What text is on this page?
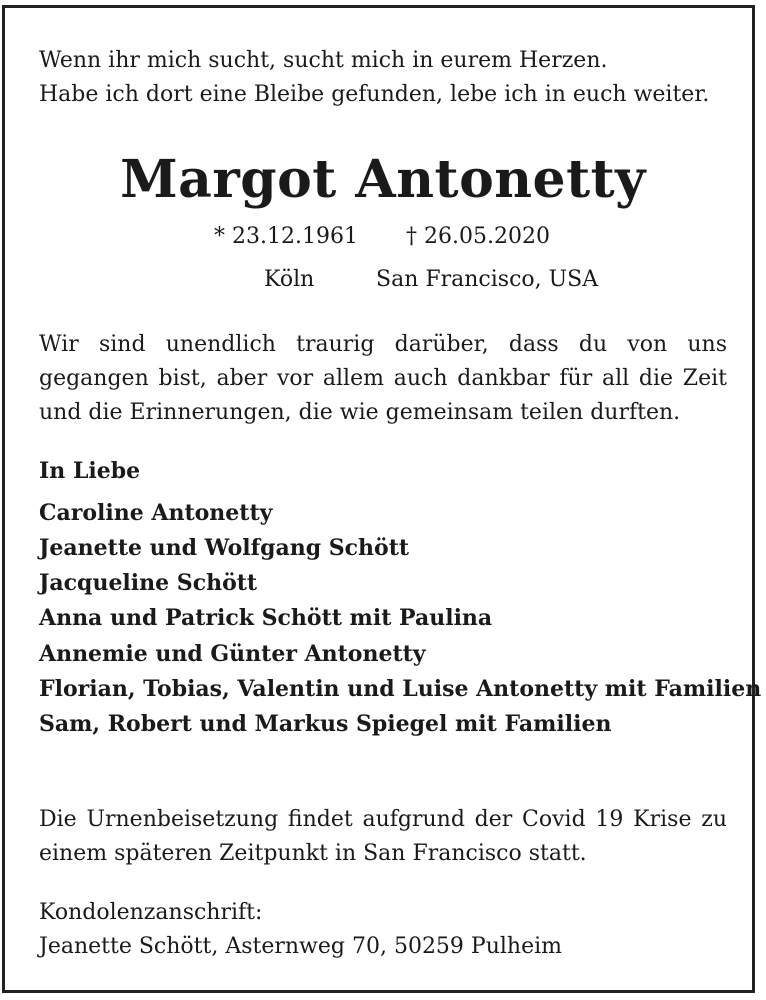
Wenn ihr mich sucht, sucht mich in eurem Herzen.
Habe ich dort eine Bleibe gefunden, lebe ich in euch weiter.
Margot Antonetty
* 23.12.1961 † 26.05.2020
Köln	San Francisco, USA
Wir sind unendlich traurig darüber, dass du von uns
gegangen bist, aber vor allem auch dankbar für all die Zeit
und die Erinnerungen, die wie gemeinsam teilen durften.
In Liebe
Caroline Antonetty
Jeanette und Wolfgang Schött
Jacqueline Schött
Anna und Patrick Schött mit Paulina
Annemie und Günter Antonetty
Florian, Tobias, Valentin und Luise Antonetty mit Familien
Sam, Robert und Markus Spiegel mit Familien
Die Urnenbeisetzung findet aufgrund der Covid 19 Krise zu
einem späteren Zeitpunkt in San Francisco statt.
Kondolenzanschrift:
Jeanette Schött, Asternweg 70, 50259 Pulheim
